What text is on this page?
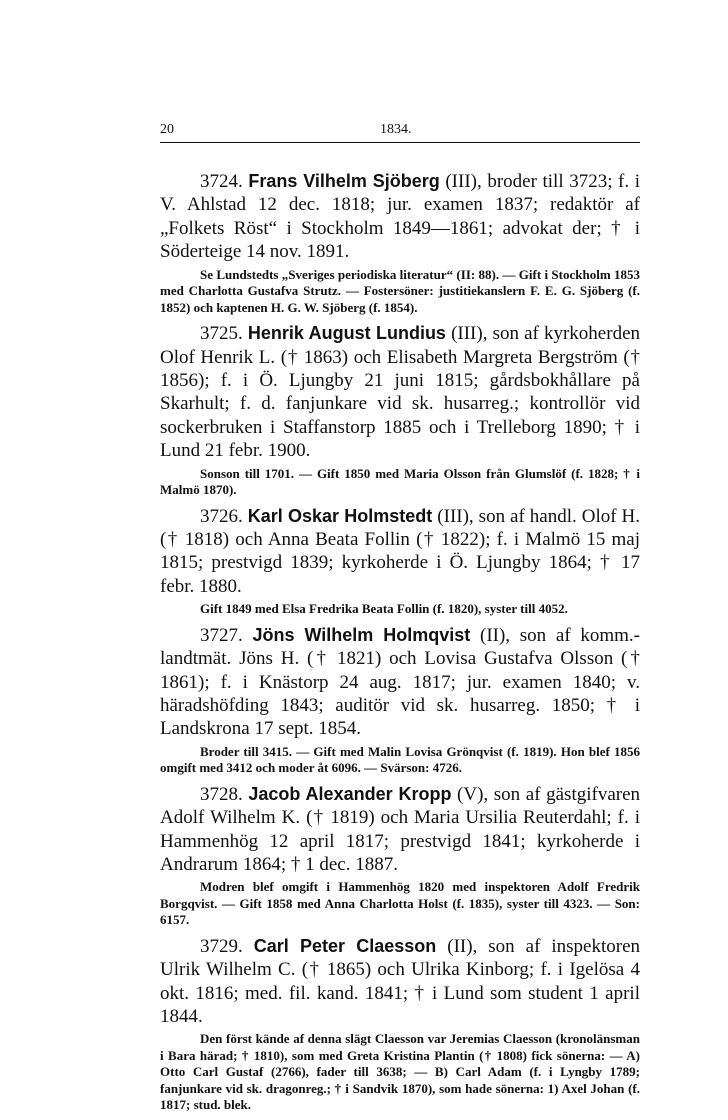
20	1834.

3724. Frans Vilhelm Sjöberg (III), broder till 3723; f. i V. Ahlstad 12 dec. 1818; jur. examen 1837; redaktör af „Folkets Röst“ i Stockholm 1849—1861; advokat der; † i Söderteige 14 nov. 1891.

Se Lundstedts „Sveriges periodiska literatur“ (II: 88). — Gift i Stockholm 1853 med Charlotta Gustafva Strutz. — Fostersöner: justitiekanslern F. E. G. Sjöberg (f. 1852) och kaptenen H. G. W. Sjöberg (f. 1854).

3725. Henrik August Lundius (III), son af kyrkoherden Olof Henrik L. († 1863) och Elisabeth Margreta Bergström († 1856); f. i Ö. Ljungby 21 juni 1815; gårdsbokhållare på Skarhult; f. d. fanjunkare vid sk. husarreg.; kontrollör vid sockerbruken i Staffanstorp 1885 och i Trelleborg 1890; † i Lund 21 febr. 1900.

Sonson till 1701. — Gift 1850 med Maria Olsson från Glumslöf (f. 1828; † i Malmö 1870).

3726. Karl Oskar Holmstedt (III), son af handl. Olof H. († 1818) och Anna Beata Follin († 1822); f. i Malmö 15 maj 1815; prestvigd 1839; kyrkoherde i Ö. Ljungby 1864; † 17 febr. 1880.

Gift 1849 med Elsa Fredrika Beata Follin (f. 1820), syster till 4052.

3727. Jöns Wilhelm Holmqvist (II), son af komm.-landtmät. Jöns H. († 1821) och Lovisa Gustafva Olsson († 1861); f. i Knästorp 24 aug. 1817; jur. examen 1840; v. häradshöfding 1843; auditör vid sk. husarreg. 1850; † i Landskrona 17 sept. 1854.

Broder till 3415. — Gift med Malin Lovisa Grönqvist (f. 1819). Hon blef 1856 omgift med 3412 och moder åt 6096. — Svärson: 4726.

3728. Jacob Alexander Kropp (V), son af gästgifvaren Adolf Wilhelm K. († 1819) och Maria Ursilia Reuterdahl; f. i Hammenhög 12 april 1817; prestvigd 1841; kyrkoherde i Andrarum 1864; † 1 dec. 1887.

Modren blef omgift i Hammenhög 1820 med inspektoren Adolf Fredrik Borgqvist. — Gift 1858 med Anna Charlotta Holst (f. 1835), syster till 4323. — Son: 6157.

3729. Carl Peter Claesson (II), son af inspektoren Ulrik Wilhelm C. († 1865) och Ulrika Kinborg; f. i Igelösa 4 okt. 1816; med. fil. kand. 1841; † i Lund som student 1 april 1844.

Den först kände af denna slägt Claesson var Jeremias Claesson (kronolänsman i Bara härad; † 1810), som med Greta Kristina Plantin († 1808) fick sönerna: — A) Otto Carl Gustaf (2766), fader till 3638; — B) Carl Adam (f. i Lyngby 1789; fanjunkare vid sk. dragonreg.; † i Sandvik 1870), som hade sönerna: 1) Axel Johan (f. 1817; stud. blek.
